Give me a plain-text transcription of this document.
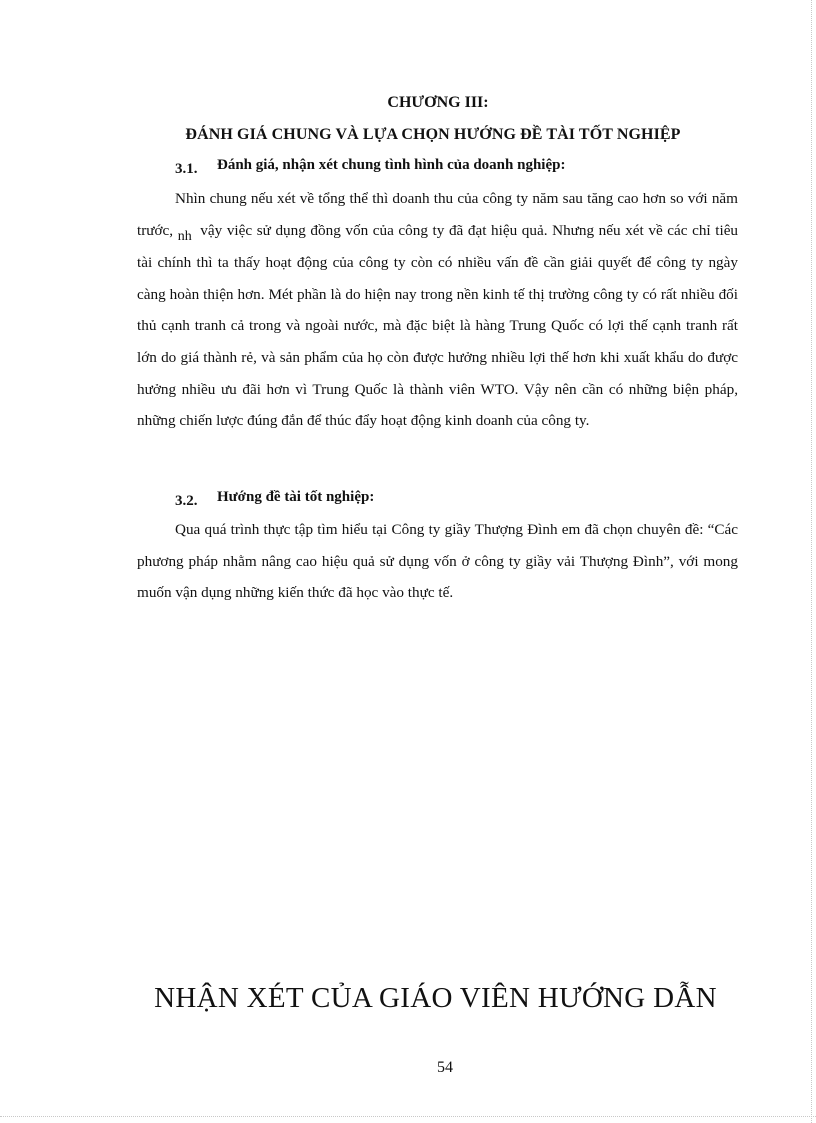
CHƯƠNG III:
ĐÁNH GIÁ CHUNG VÀ LỰA CHỌN HƯỚNG ĐỀ TÀI TỐT NGHIỆP
3.1. Đánh giá, nhận xét chung tình hình của doanh nghiệp:

Nhìn chung nếu xét về tổng thể thì doanh thu của công ty năm sau tăng cao hơn so với năm trước, nh vậy việc sử dụng đồng vốn của công ty đã đạt hiệu quả. Nhưng nếu xét về các chỉ tiêu tài chính thì ta thấy hoạt động của công ty còn có nhiều vấn đề cần giải quyết để công ty ngày càng hoàn thiện hơn. Mét phần là do hiện nay trong nền kinh tế thị trường công ty có rất nhiều đối thủ cạnh tranh cả trong và ngoài nước, mà đặc biệt là hàng Trung Quốc có lợi thế cạnh tranh rất lớn do giá thành rẻ, và sản phẩm của họ còn được hưởng nhiều lợi thế hơn khi xuất khẩu do được hưởng nhiều ưu đãi hơn vì Trung Quốc là thành viên WTO. Vậy nên cần có những biện pháp, những chiến lược đúng đắn để thúc đẩy hoạt động kinh doanh của công ty.

3.2. Hướng đề tài tốt nghiệp:

Qua quá trình thực tập tìm hiểu tại Công ty giầy Thượng Đình em đã chọn chuyên đề: “Các phương pháp nhằm nâng cao hiệu quả sử dụng vốn ở công ty giầy vải Thượng Đình”, với mong muốn vận dụng những kiến thức đã học vào thực tế.

NHẬN XÉT CỦA GIÁO VIÊN HƯỚNG DẪN
54
